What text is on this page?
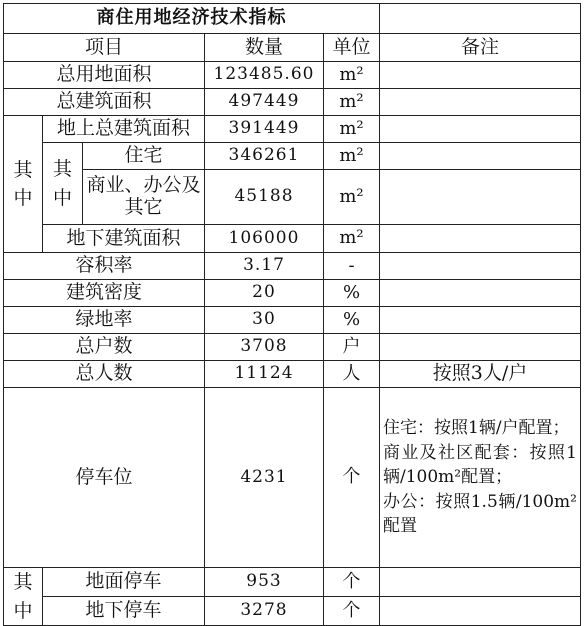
商住用地经济技术指标					
项目			数量	单位	备注
总用地面积			123485.60	m²	
总建筑面积			497449	m²	
其中	地上总建筑面积		391449	m²	
	其中	住宅	346261	m²	
		商业、办公及其它	45188	m²	
	地下建筑面积		106000	m²	
容积率			3.17	-	
建筑密度			20	%	
绿地率			30	%	
总户数			3708	户	
总人数			11124	人	按照3人/户
停车位			4231	个	住宅：按照1辆/户配置；
商业及社区配套：按照1辆/100m²配置；
办公：按照1.5辆/100m²配置

其中	地面停车		953	个	
	地下停车		3278	个	
